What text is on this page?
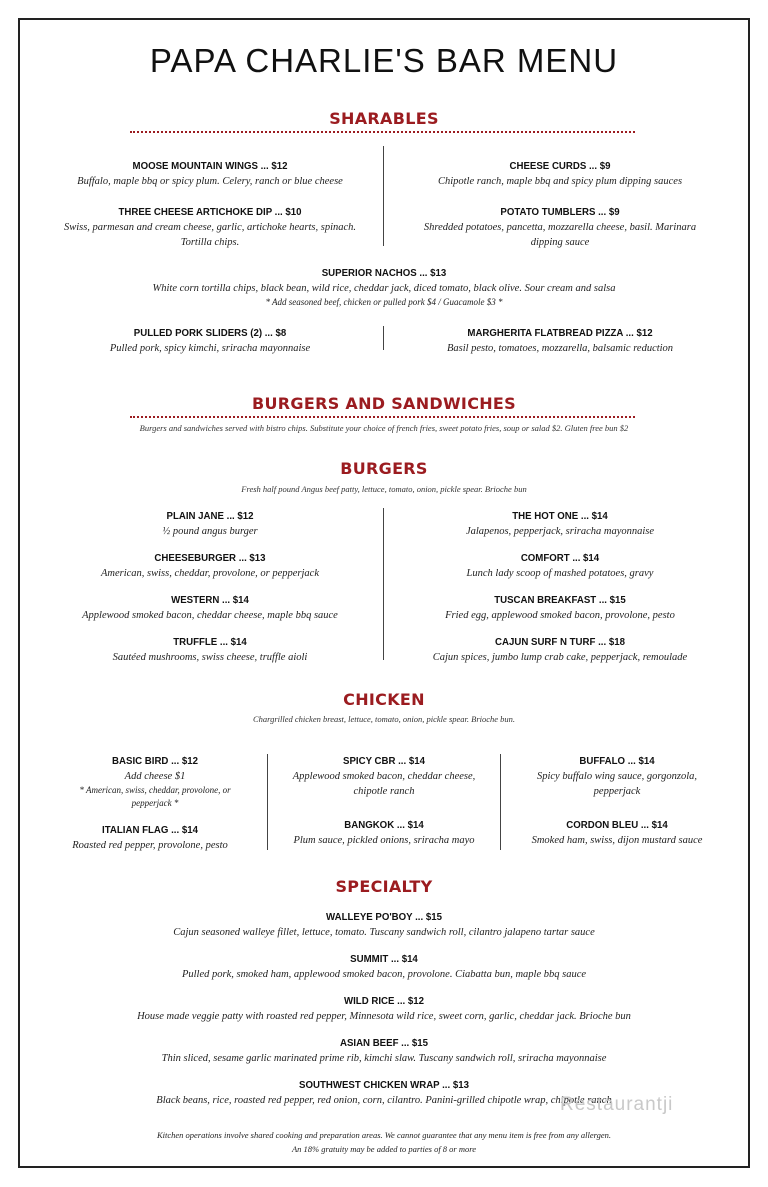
PAPA CHARLIE'S BAR MENU
SHARABLES
MOOSE MOUNTAIN WINGS ... $12
Buffalo, maple bbq or spicy plum. Celery, ranch or blue cheese
CHEESE CURDS ... $9
Chipotle ranch, maple bbq and spicy plum dipping sauces
THREE CHEESE ARTICHOKE DIP ... $10
Swiss, parmesan and cream cheese, garlic, artichoke hearts, spinach. Tortilla chips.
POTATO TUMBLERS ... $9
Shredded potatoes, pancetta, mozzarella cheese, basil. Marinara dipping sauce
SUPERIOR NACHOS ... $13
White corn tortilla chips, black bean, wild rice, cheddar jack, diced tomato, black olive. Sour cream and salsa
* Add seasoned beef, chicken or pulled pork $4 / Guacamole $3 *
PULLED PORK SLIDERS (2) ... $8
Pulled pork, spicy kimchi, sriracha mayonnaise
MARGHERITA FLATBREAD PIZZA ... $12
Basil pesto, tomatoes, mozzarella, balsamic reduction
BURGERS AND SANDWICHES
Burgers and sandwiches served with bistro chips. Substitute your choice of french fries, sweet potato fries, soup or salad $2. Gluten free bun $2
BURGERS
Fresh half pound Angus beef patty, lettuce, tomato, onion, pickle spear. Brioche bun
PLAIN JANE ... $12
½ pound angus burger
THE HOT ONE ... $14
Jalapenos, pepperjack, sriracha mayonnaise
CHEESEBURGER ... $13
American, swiss, cheddar, provolone, or pepperjack
COMFORT ... $14
Lunch lady scoop of mashed potatoes, gravy
WESTERN ... $14
Applewood smoked bacon, cheddar cheese, maple bbq sauce
TUSCAN BREAKFAST ... $15
Fried egg, applewood smoked bacon, provolone, pesto
TRUFFLE ... $14
Sautéed mushrooms, swiss cheese, truffle aioli
CAJUN SURF N TURF ... $18
Cajun spices, jumbo lump crab cake, pepperjack, remoulade
CHICKEN
Chargrilled chicken breast, lettuce, tomato, onion, pickle spear. Brioche bun.
BASIC BIRD ... $12
Add cheese $1
* American, swiss, cheddar, provolone, or pepperjack *
SPICY CBR ... $14
Applewood smoked bacon, cheddar cheese, chipotle ranch
BUFFALO ... $14
Spicy buffalo wing sauce, gorgonzola, pepperjack
ITALIAN FLAG ... $14
Roasted red pepper, provolone, pesto
BANGKOK ... $14
Plum sauce, pickled onions, sriracha mayo
CORDON BLEU ... $14
Smoked ham, swiss, dijon mustard sauce
SPECIALTY
WALLEYE PO'BOY ... $15
Cajun seasoned walleye fillet, lettuce, tomato. Tuscany sandwich roll, cilantro jalapeno tartar sauce
SUMMIT ... $14
Pulled pork, smoked ham, applewood smoked bacon, provolone. Ciabatta bun, maple bbq sauce
WILD RICE ... $12
House made veggie patty with roasted red pepper, Minnesota wild rice, sweet corn, garlic, cheddar jack. Brioche bun
ASIAN BEEF ... $15
Thin sliced, sesame garlic marinated prime rib, kimchi slaw. Tuscany sandwich roll, sriracha mayonnaise
SOUTHWEST CHICKEN WRAP ... $13
Black beans, rice, roasted red pepper, red onion, corn, cilantro. Panini-grilled chipotle wrap, chipotle ranch
Restaurantji
Kitchen operations involve shared cooking and preparation areas. We cannot guarantee that any menu item is free from any allergen.
An 18% gratuity may be added to parties of 8 or more
